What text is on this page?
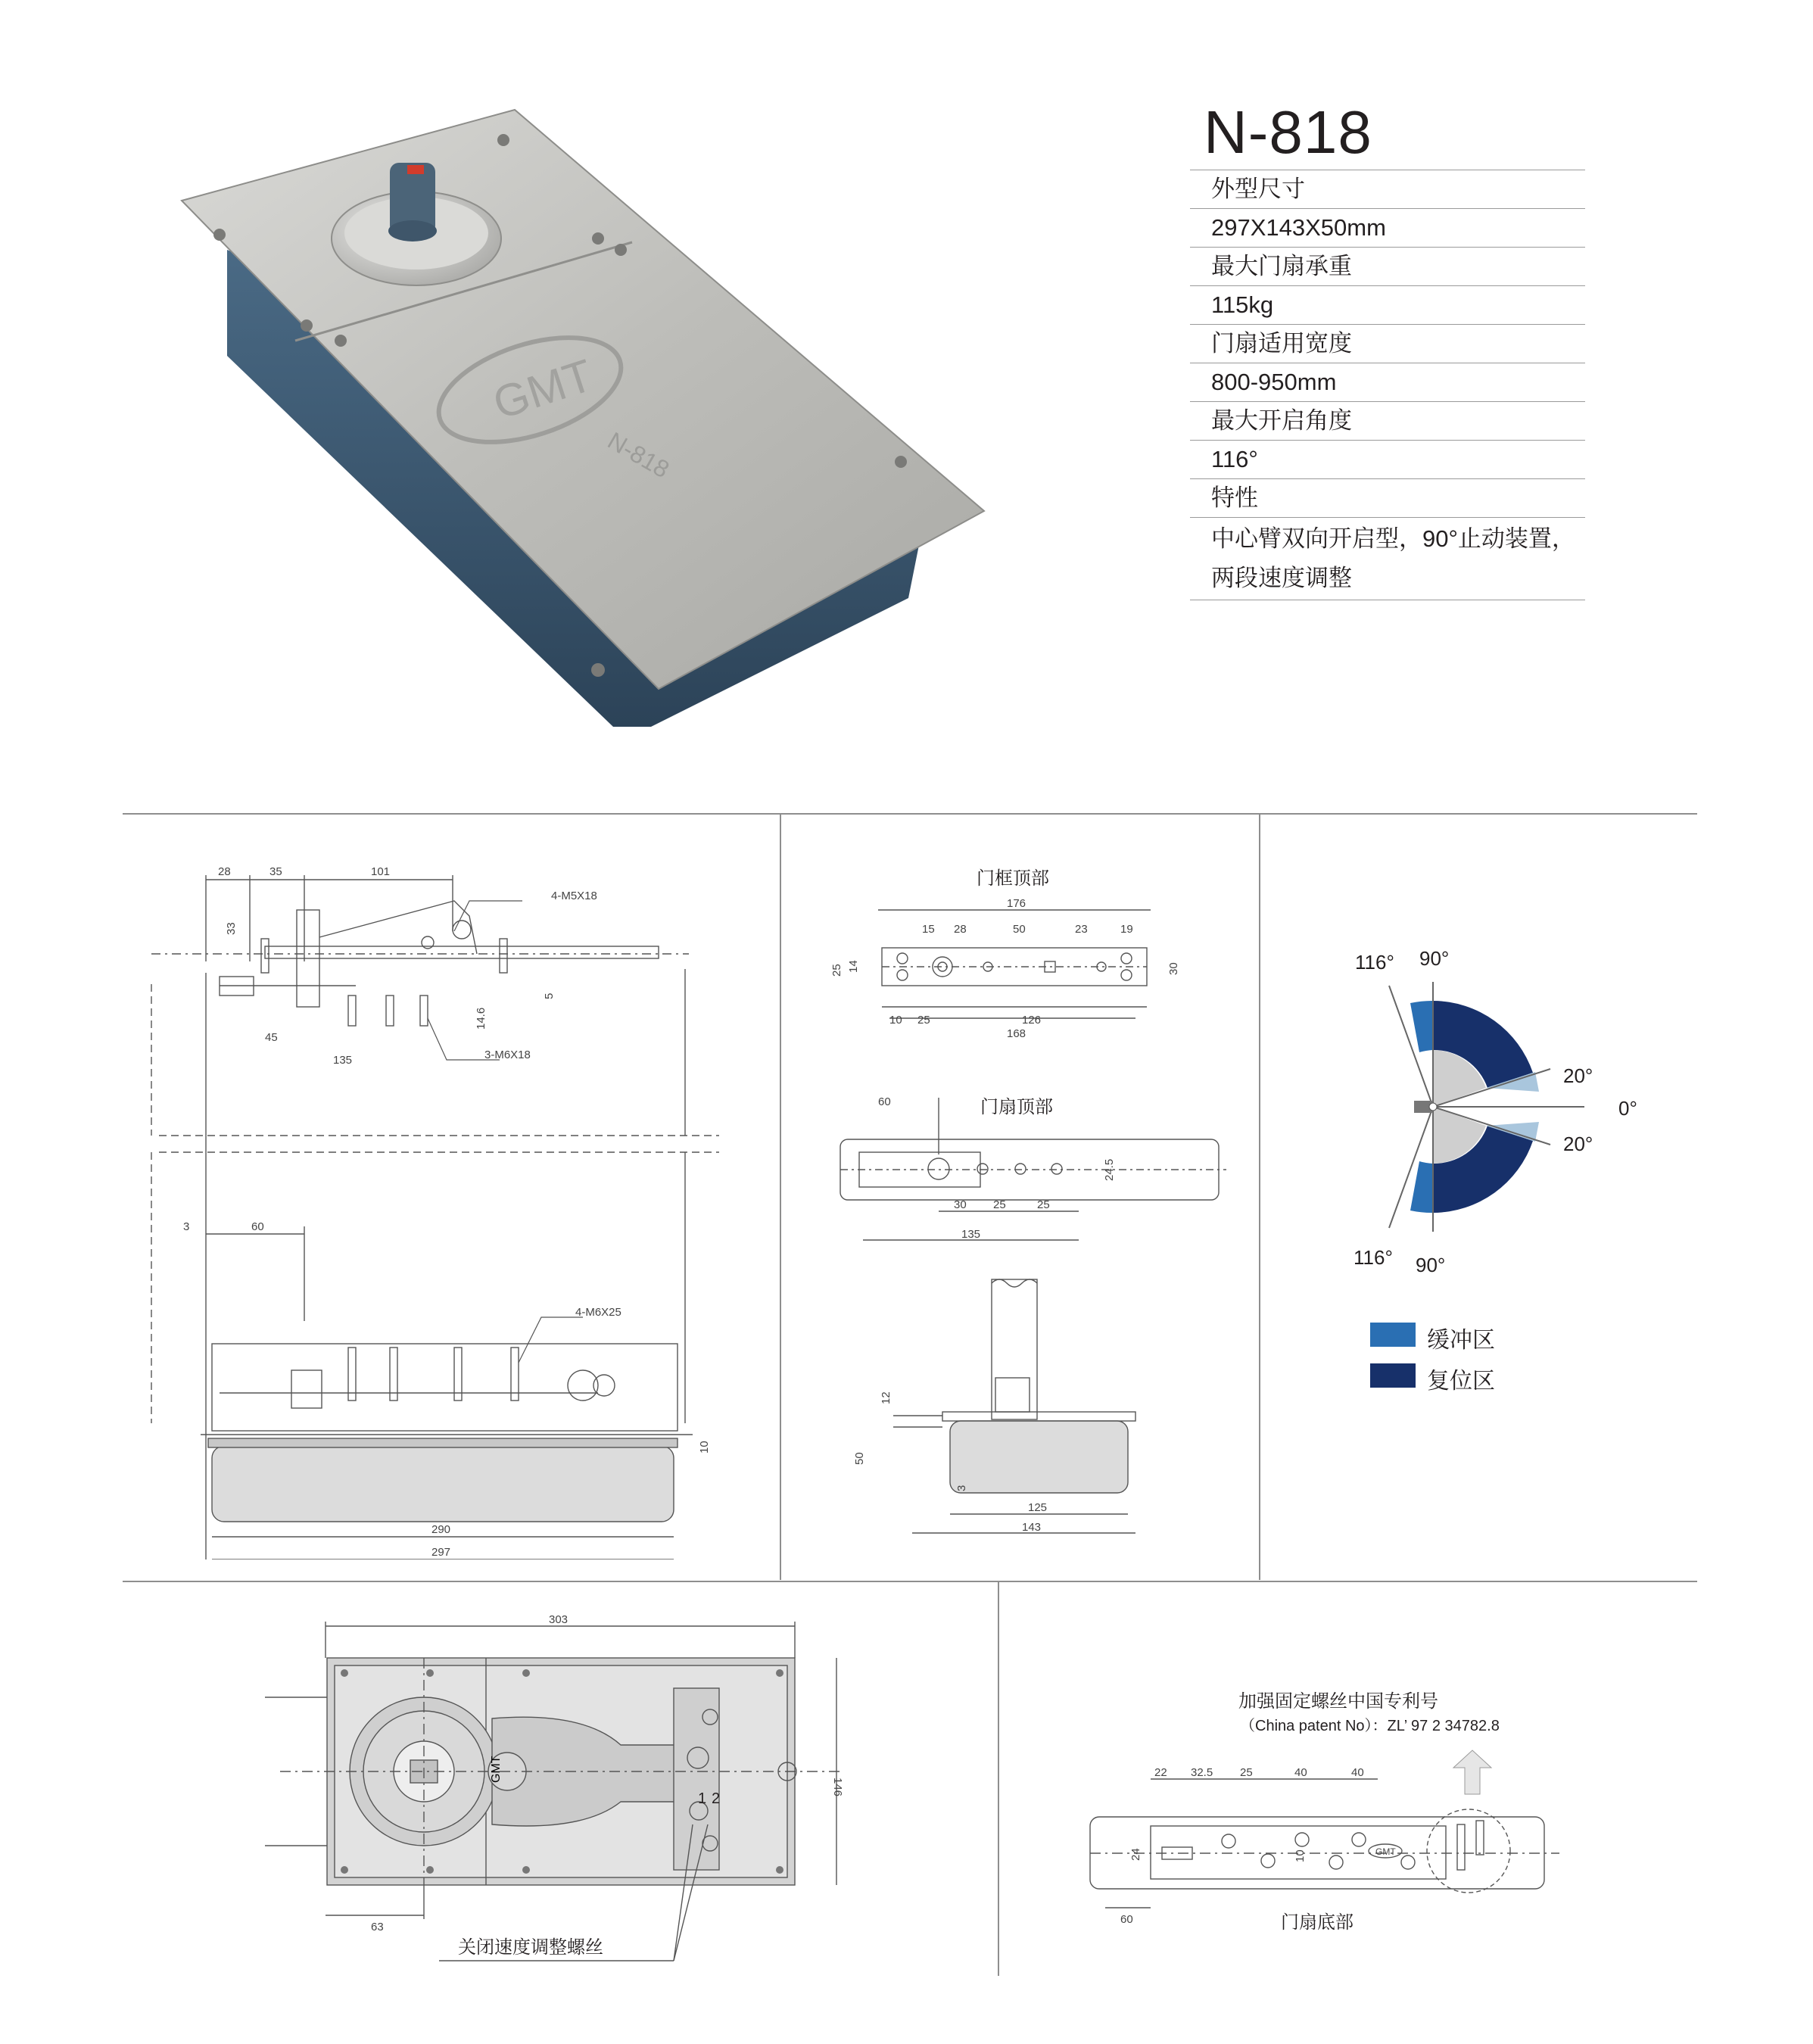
GMT
N-818
N-818
外型尺寸
297X143X50mm
最大门扇承重
115kg
门扇适用宽度
800-950mm
最大开启角度
116°
特性
中心臂双向开启型，90°止动装置，
两段速度调整
28	35	101
33
5
14.6
45
135
4-M5X18
3-M6X18
4-M6X25
3	60
10
290
297
门框顶部
门扇顶部
176
15 28	50	23	19
25 14	30
10 25	126
168
60
24.5
30 25	25
135
12
50
3
125
143
116° 90°
20°
0°
20°
116° 90°
缓冲区
复位区
GMT
303
146
63
1 2
关闭速度调整螺丝
加强固定螺丝中国专利号
（China patent No）：ZL’ 97 2 34782.8
22 32.5 25	40	40
24	10
60
GMT
门扇底部
